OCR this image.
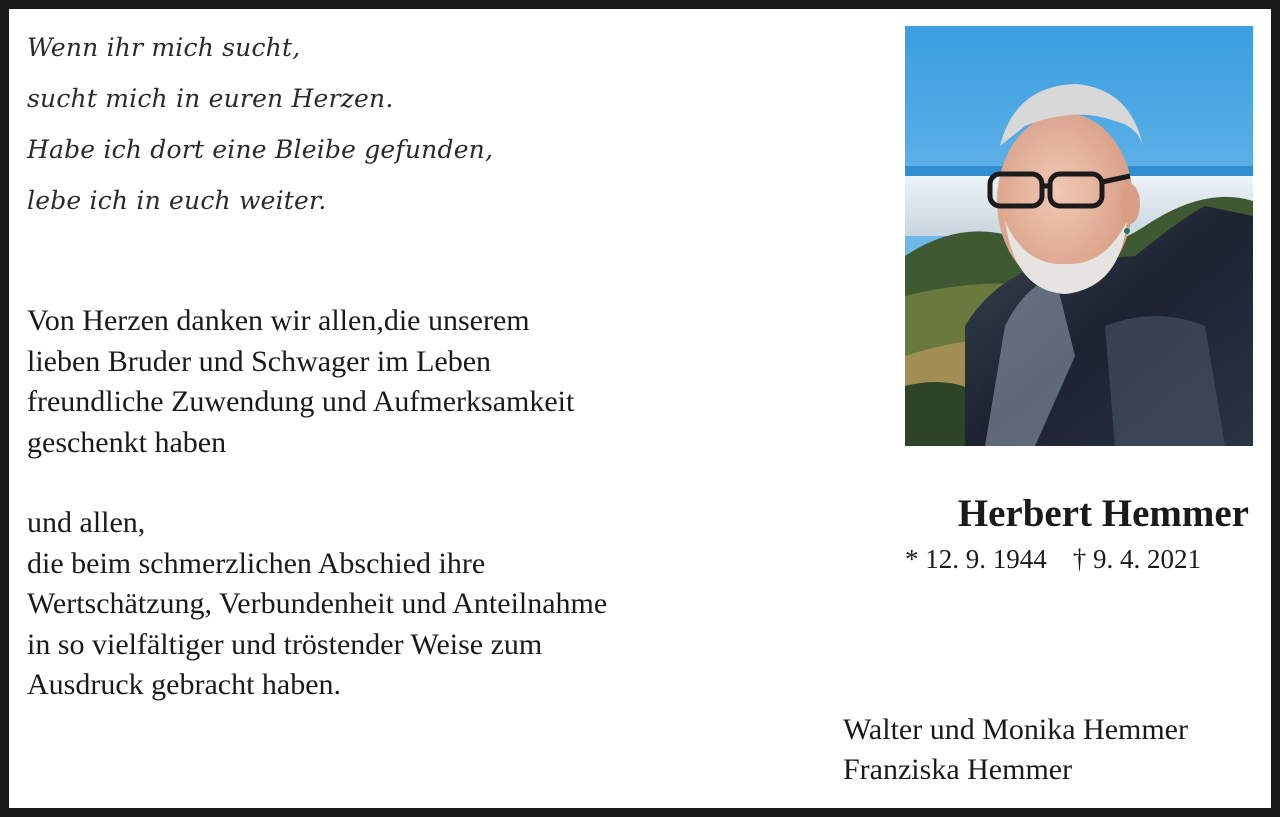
Wenn ihr mich sucht,
sucht mich in euren Herzen.
Habe ich dort eine Bleibe gefunden,
lebe ich in euch weiter.
Von Herzen danken wir allen,die unserem
lieben Bruder und Schwager im Leben
freundliche Zuwendung und Aufmerksamkeit
geschenkt haben
und allen,
die beim schmerzlichen Abschied ihre
Wertschätzung, Verbundenheit und Anteilnahme
in so vielfältiger und tröstender Weise zum
Ausdruck gebracht haben.
Herbert Hemmer
* 12. 9. 1944 † 9. 4. 2021
Walter und Monika Hemmer
Franziska Hemmer
